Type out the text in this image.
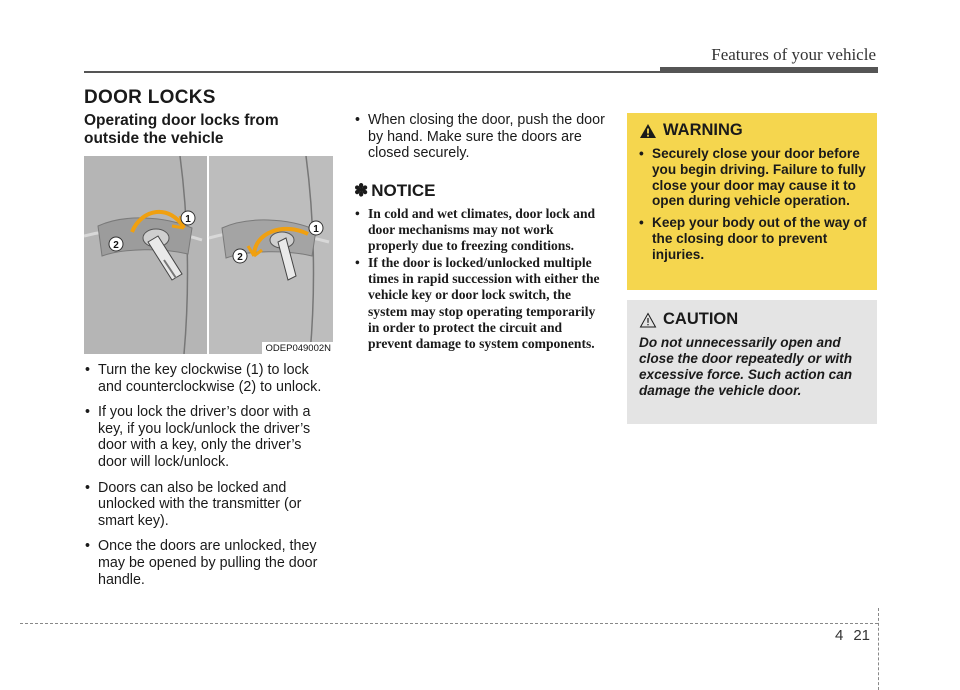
Features of your vehicle
DOOR LOCKS
Operating door locks from outside the vehicle
1
2
1
2
ODEP049002N
• Turn the key clockwise (1) to lock and counterclockwise (2) to unlock.
• If you lock the driver’s door with a key, if you lock/unlock the driver’s door with a key, only the driver’s door will lock/unlock.
• Doors can also be locked and unlocked with the transmitter (or smart key).
• Once the doors are unlocked, they may be opened by pulling the door handle.
• When closing the door, push the door by hand. Make sure the doors are closed securely.
✽ NOTICE
• In cold and wet climates, door lock and door mechanisms may not work properly due to freezing conditions.
• If the door is locked/unlocked multiple times in rapid succession with either the vehicle key or door lock switch, the system may stop operating temporarily in order to protect the circuit and prevent damage to system components.
WARNING
• Securely close your door before you begin driving. Failure to fully close your door may cause it to open during vehicle operation.
• Keep your body out of the way of the closing door to prevent injuries.
CAUTION
Do not unnecessarily open and close the door repeatedly or with excessive force. Such action can damage the vehicle door.
4 21
